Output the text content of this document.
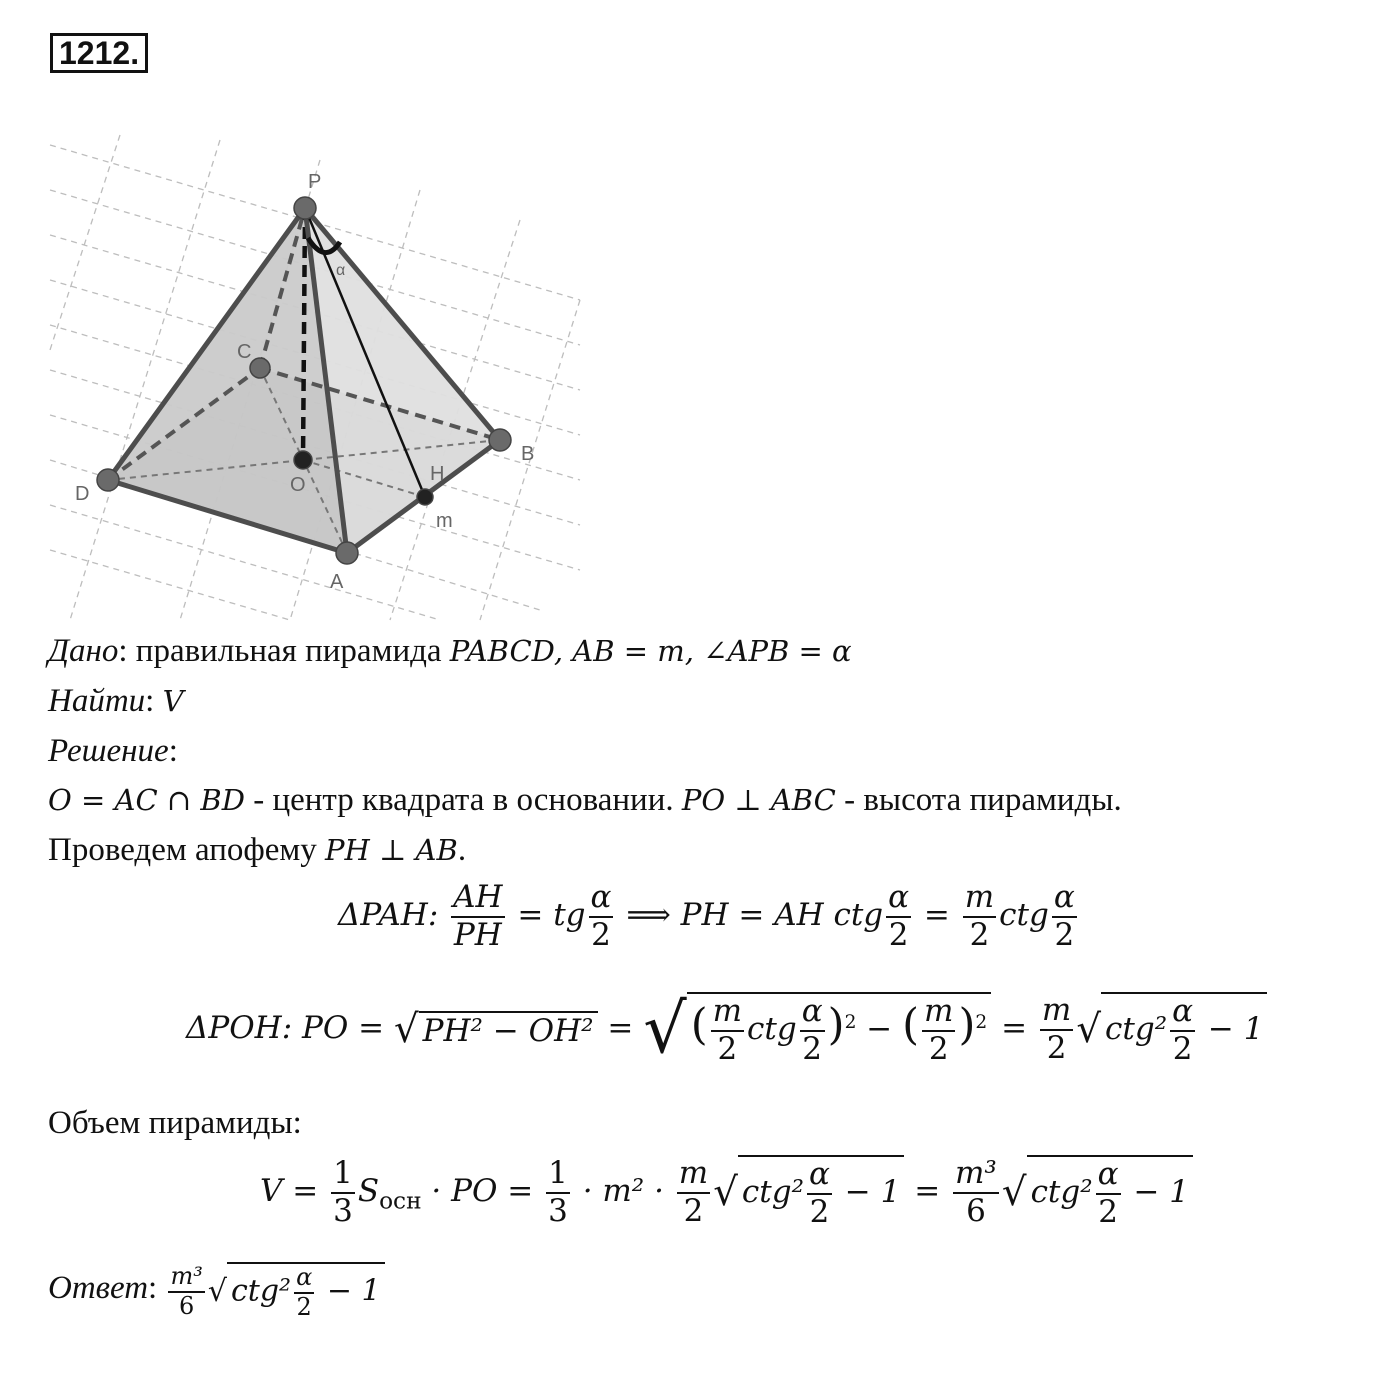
1212.
P
C
B
D	O	H
A
m
α
Дано: правильная пирамида PABCD, AB = m, ∠APB = α
Найти: V
Решение:
O = AC ∩ BD - центр квадрата в основании. PO ⊥ ABC - высота пирамиды.
Проведем апофему PH ⊥ AB.
ΔPAH: $\frac{AH}{PH}$ = tg $\frac{\alpha}{2}$ ⟹ PH = AH ctg $\frac{\alpha}{2} = \frac{m}{2}$ ctg $\frac{\alpha}{2}$
ΔPOH: PO = √ PH² − OH² = √( $\frac{m}{2}$ ctg $\frac{\alpha}{2} )^2$ − ( $\frac{m}{2} )^2 = \frac{m}{2}$ √ $ctg^2 \frac{\alpha}{2} - 1$
Объем пирамиды:
$V = \frac{1}{3} S_{осн}$ · PO = $\frac{1}{3} \cdot m^2 \cdot \frac{m}{2}$ √ $ctg^2 \frac{\alpha}{2} - 1 = \frac{\text{m³}}{6}$ √ $ctg^2 \frac{\alpha}{2} - 1$
Ответ: $\frac{\text{m³}}{6}$ √ $ctg^2 \frac{\alpha}{2} - 1$
